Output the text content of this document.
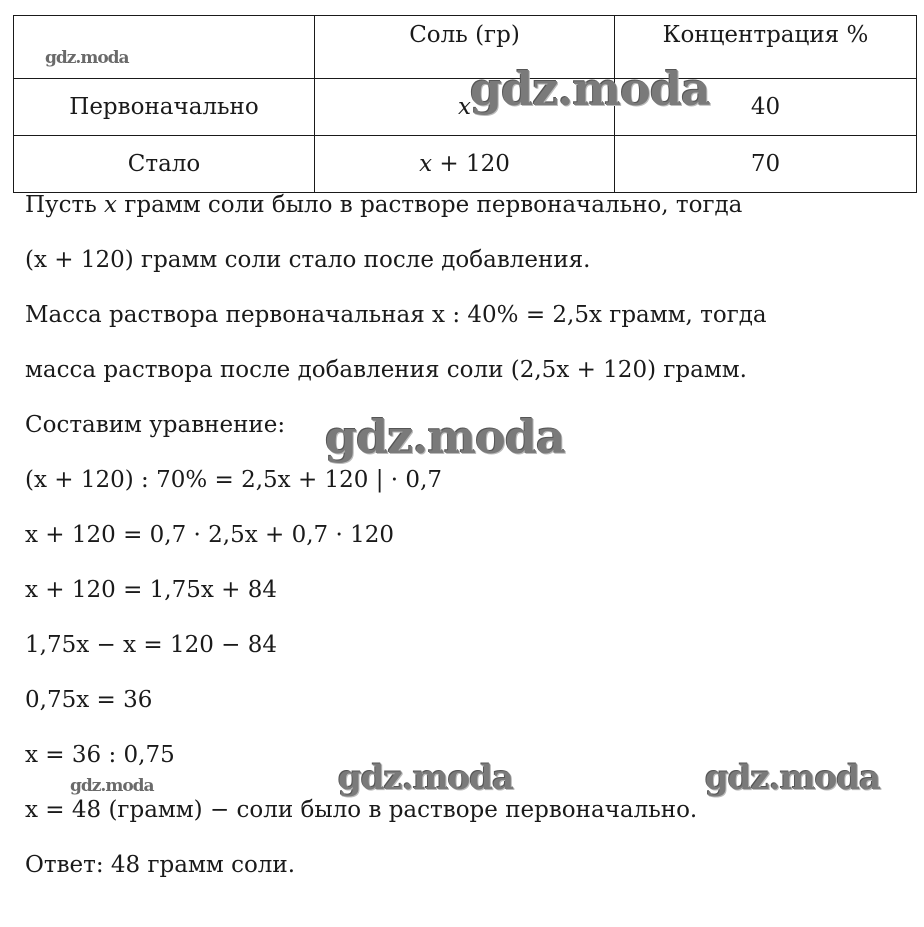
	Соль (гр)	Концентрация %
Первоначально	x	40
Стало	x + 120	70
Пусть x грамм соли было в растворе первоначально, тогда
(x + 120) грамм соли стало после добавления.
Масса раствора первоначальная x : 40% = 2,5x грамм, тогда
масса раствора после добавления соли (2,5x + 120) грамм.
Составим уравнение:
(x + 120) : 70% = 2,5x + 120 | · 0,7
x + 120 = 0,7 · 2,5x + 0,7 · 120
x + 120 = 1,75x + 84
1,75x − x = 120 − 84
0,75x = 36
x = 36 : 0,75
x = 48 (грамм) − соли было в растворе первоначально.
Ответ: 48 грамм соли.
gdz.moda
gdz.moda
gdz.moda
gdz.moda	gdz.moda	gdz.moda
